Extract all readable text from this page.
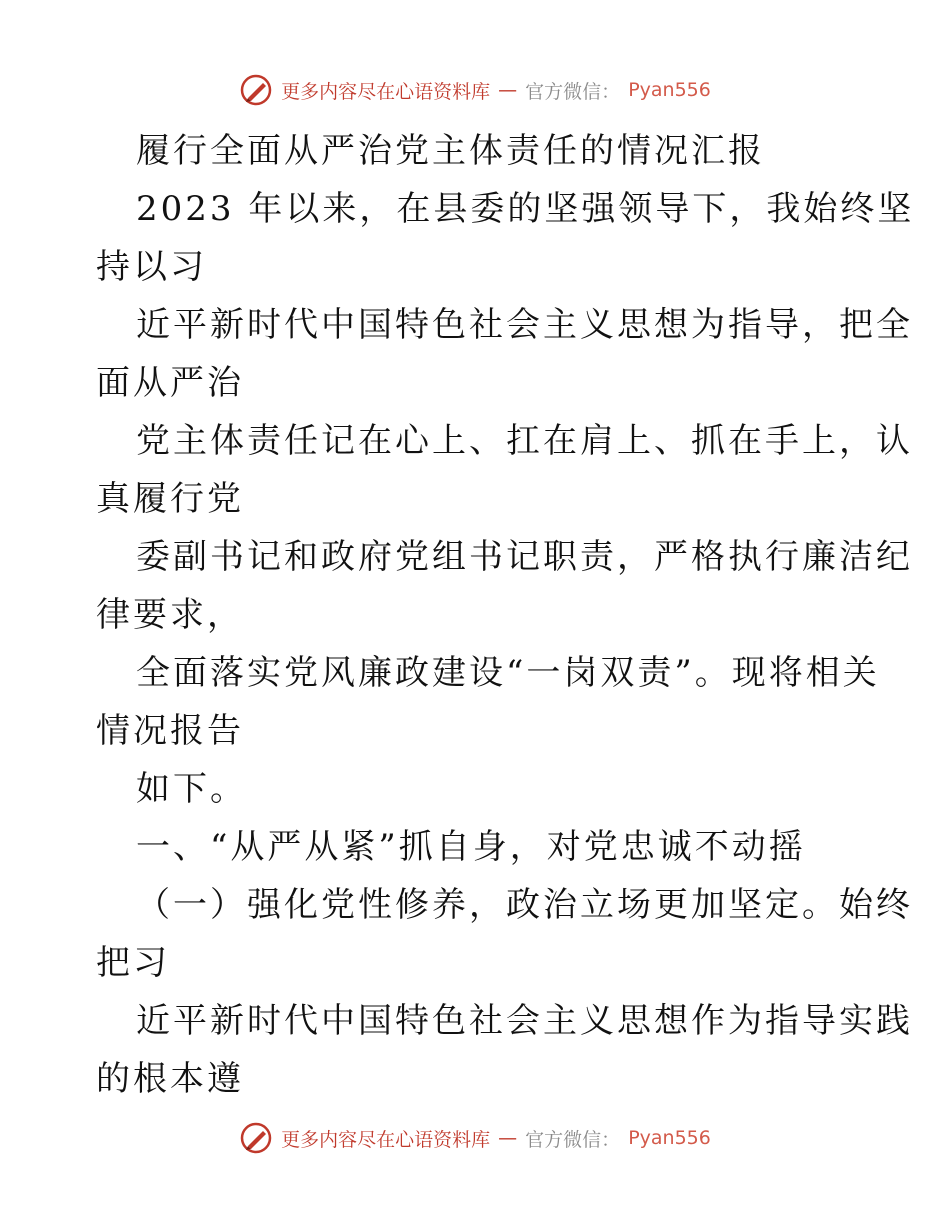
更多内容尽在心语资料库 — 官方微信： Pyan556
履行全面从严治党主体责任的情况汇报
2023 年以来，在县委的坚强领导下，我始终坚
持以习
近平新时代中国特色社会主义思想为指导，把全
面从严治
党主体责任记在心上、扛在肩上、抓在手上，认
真履行党
委副书记和政府党组书记职责，严格执行廉洁纪
律要求，
全面落实党风廉政建设“一岗双责”。现将相关
情况报告
如下。
一、“从严从紧”抓自身，对党忠诚不动摇
（一）强化党性修养，政治立场更加坚定。始终
把习
近平新时代中国特色社会主义思想作为指导实践
的根本遵
更多内容尽在心语资料库 — 官方微信： Pyan556
